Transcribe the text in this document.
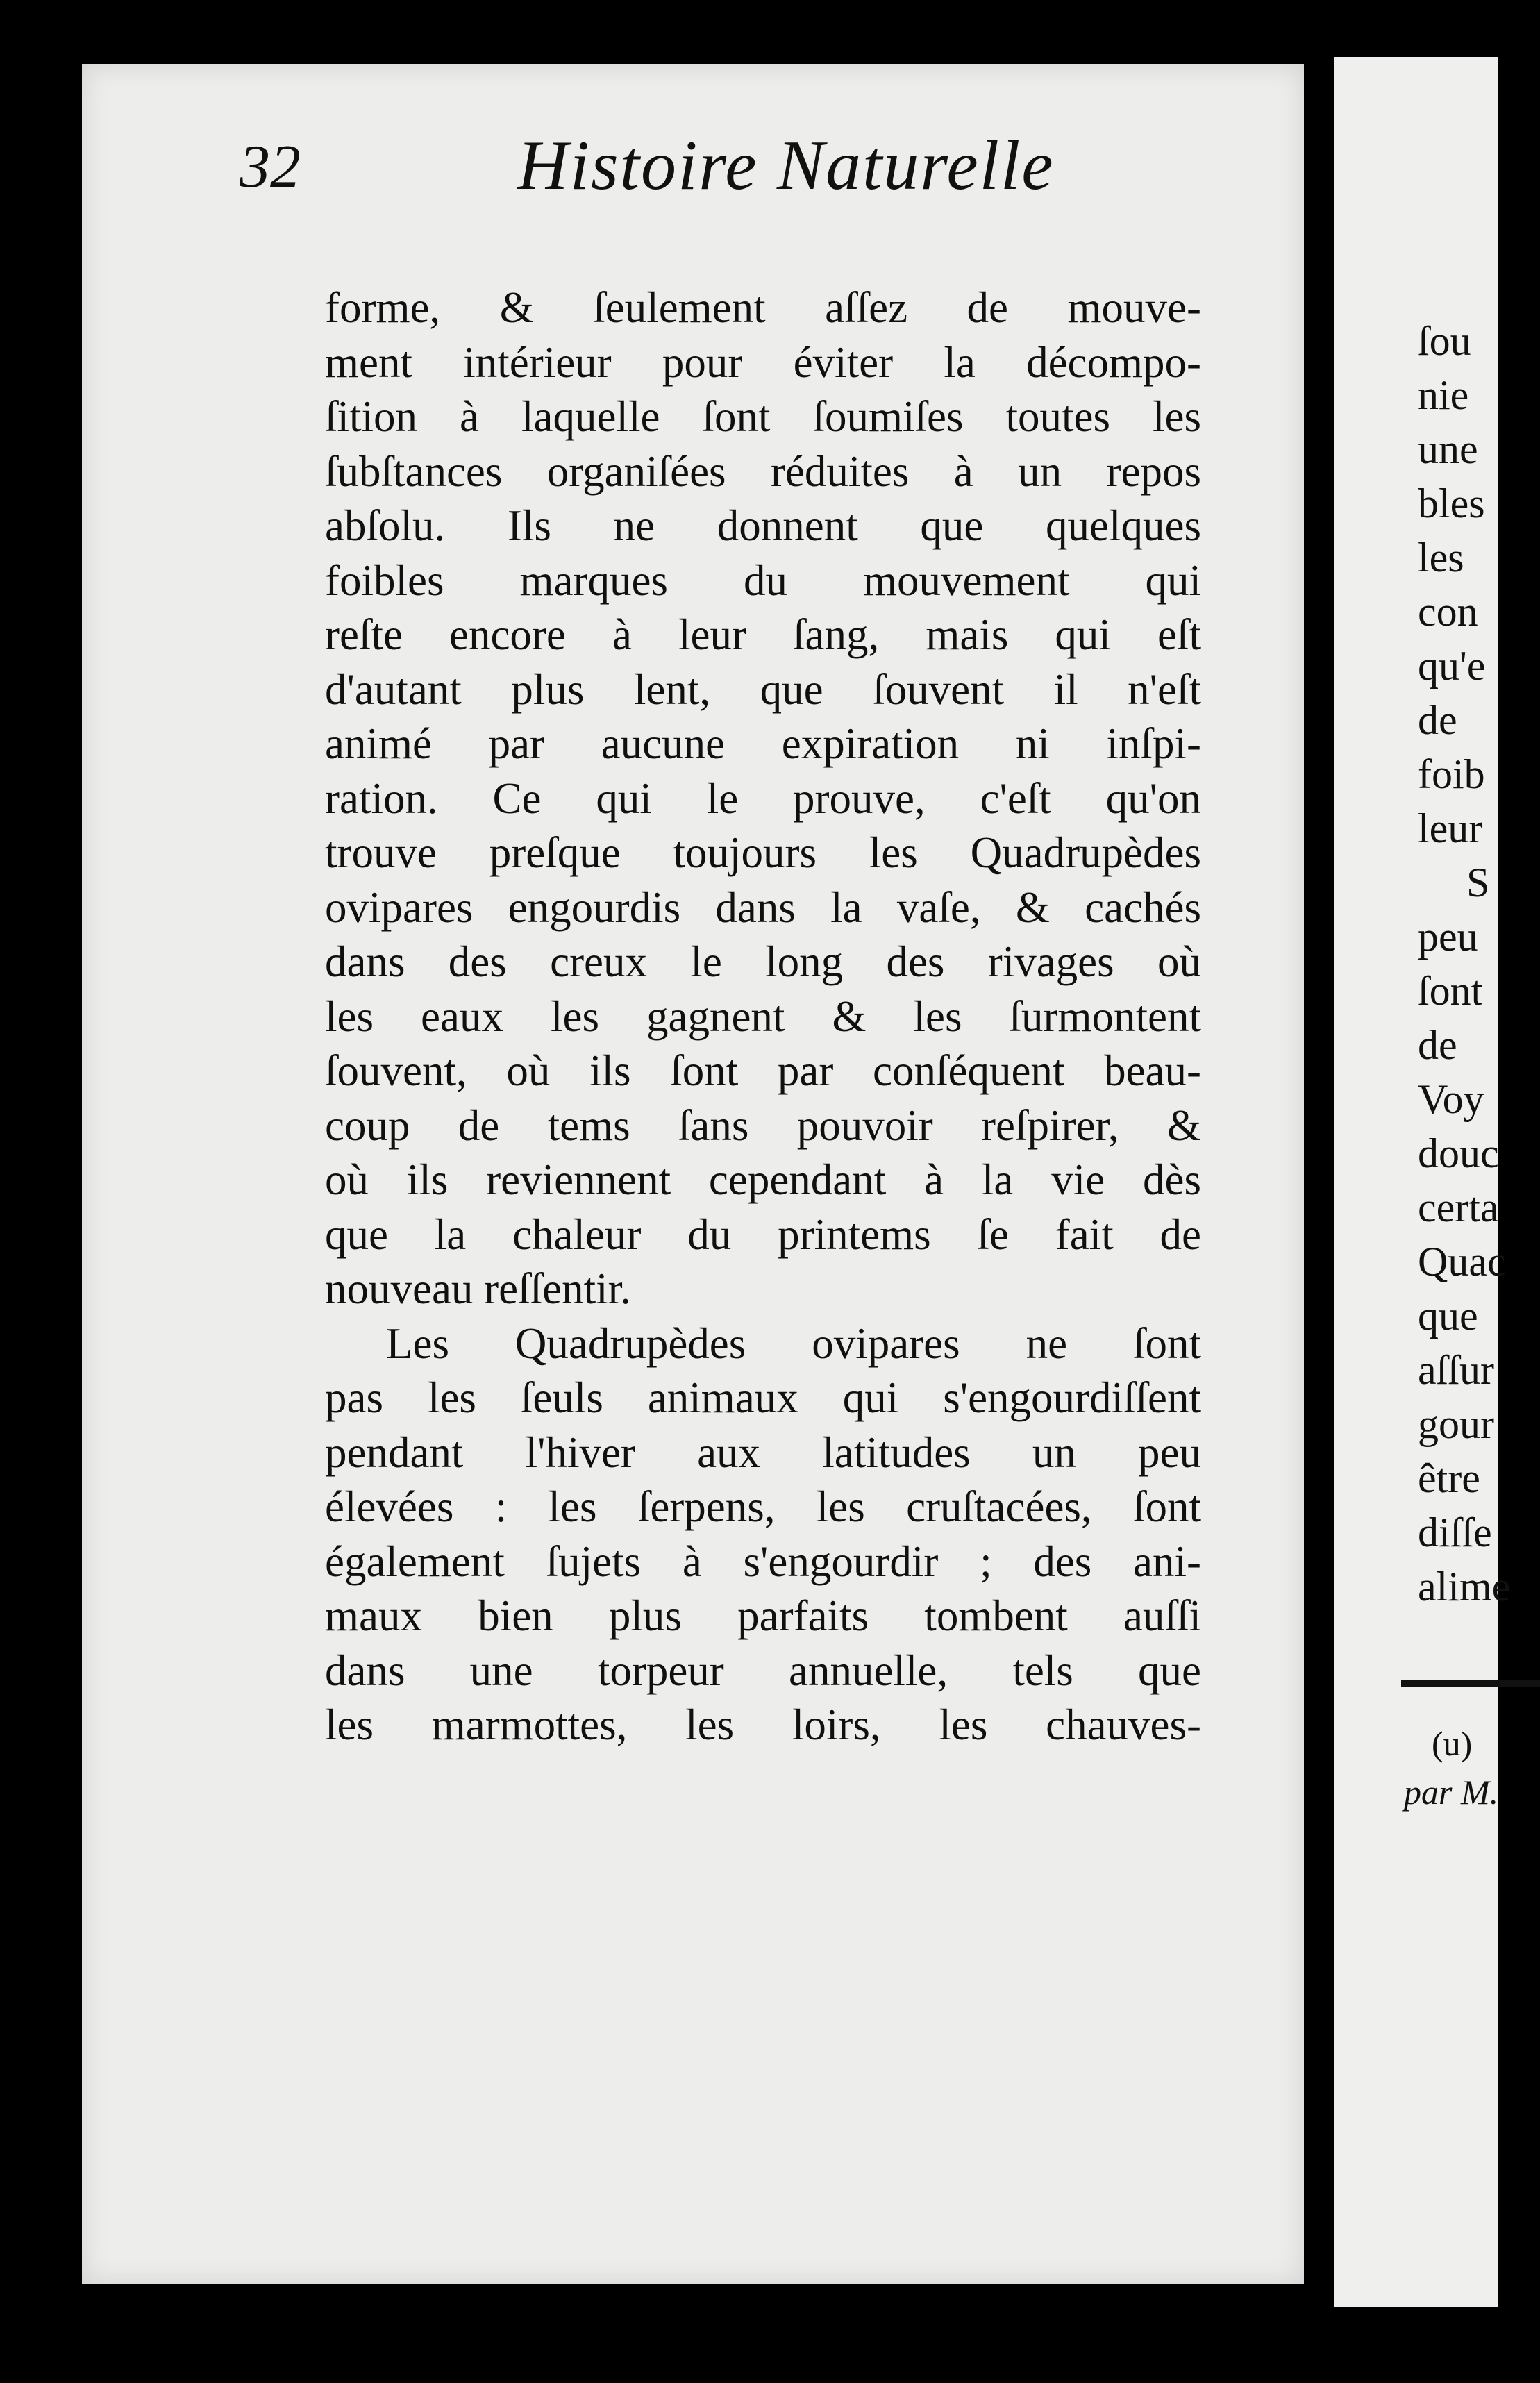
32	Histoire Naturelle
forme, & ſeulement aſſez de mouve-
ment intérieur pour éviter la décompo-
ſition à laquelle ſont ſoumiſes toutes les
ſubſtances organiſées réduites à un repos
abſolu. Ils ne donnent que quelques
foibles marques du mouvement qui
reſte encore à leur ſang, mais qui eſt
d'autant plus lent, que ſouvent il n'eſt
animé par aucune expiration ni inſpi-
ration. Ce qui le prouve, c'eſt qu'on
trouve preſque toujours les Quadrupèdes
ovipares engourdis dans la vaſe, & cachés
dans des creux le long des rivages où
les eaux les gagnent & les ſurmontent
ſouvent, où ils ſont par conſéquent beau-
coup de tems ſans pouvoir reſpirer, &
où ils reviennent cependant à la vie dès
que la chaleur du printems ſe fait de
nouveau reſſentir.
Les Quadrupèdes ovipares ne ſont
pas les ſeuls animaux qui s'engourdiſſent
pendant l'hiver aux latitudes un peu
élevées : les ſerpens, les cruſtacées, ſont
également ſujets à s'engourdir ; des ani-
maux bien plus parfaits tombent auſſi
dans une torpeur annuelle, tels que
les marmottes, les loirs, les chauves-
ſou
nie
une
bles
les
con
qu'e
de
foib
leur
S
peu
ſont
de
Voy
douc
certa
Quac
que
aſſur
gour
être
diſſe
alime
(u)
par M.
